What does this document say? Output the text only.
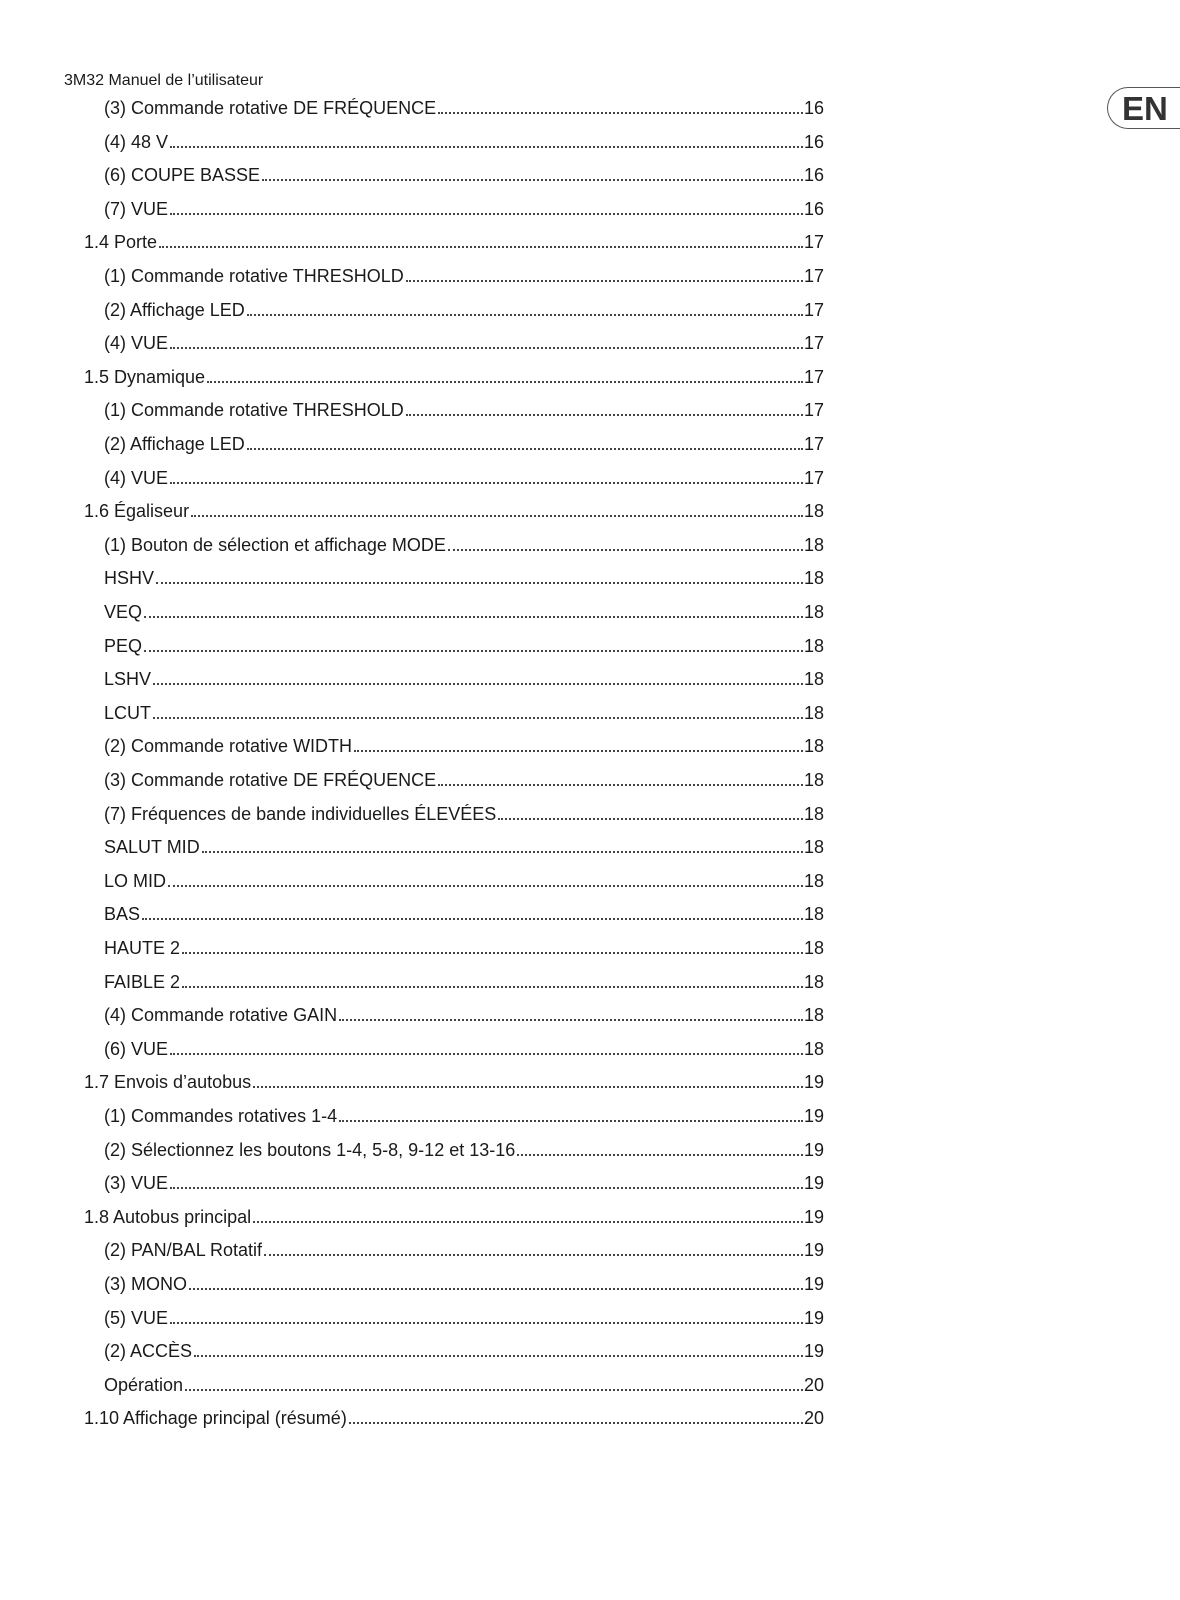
3M32 Manuel de l’utilisateur
EN
(3) Commande rotative DE FRÉQUENCE	16
(4) 48 V	16
(6) COUPE BASSE	16
(7) VUE	16
1.4 Porte	17
(1) Commande rotative THRESHOLD	17
(2) Affichage LED	17
(4) VUE	17
1.5 Dynamique	17
(1) Commande rotative THRESHOLD	17
(2) Affichage LED	17
(4) VUE	17
1.6 Égaliseur	18
(1) Bouton de sélection et affichage MODE	18
HSHV	18
VEQ	18
PEQ	18
LSHV	18
LCUT	18
(2) Commande rotative WIDTH	18
(3) Commande rotative DE FRÉQUENCE	18
(7) Fréquences de bande individuelles ÉLEVÉES	18
SALUT MID	18
LO MID	18
BAS	18
HAUTE 2	18
FAIBLE 2	18
(4) Commande rotative GAIN	18
(6) VUE	18
1.7 Envois d’autobus	19
(1) Commandes rotatives 1-4	19
(2) Sélectionnez les boutons 1-4, 5-8, 9-12 et 13-16	19
(3) VUE	19
1.8 Autobus principal	19
(2) PAN/BAL Rotatif	19
(3) MONO	19
(5) VUE	19
(2) ACCÈS	19
Opération	20
1.10 Affichage principal (résumé)	20
